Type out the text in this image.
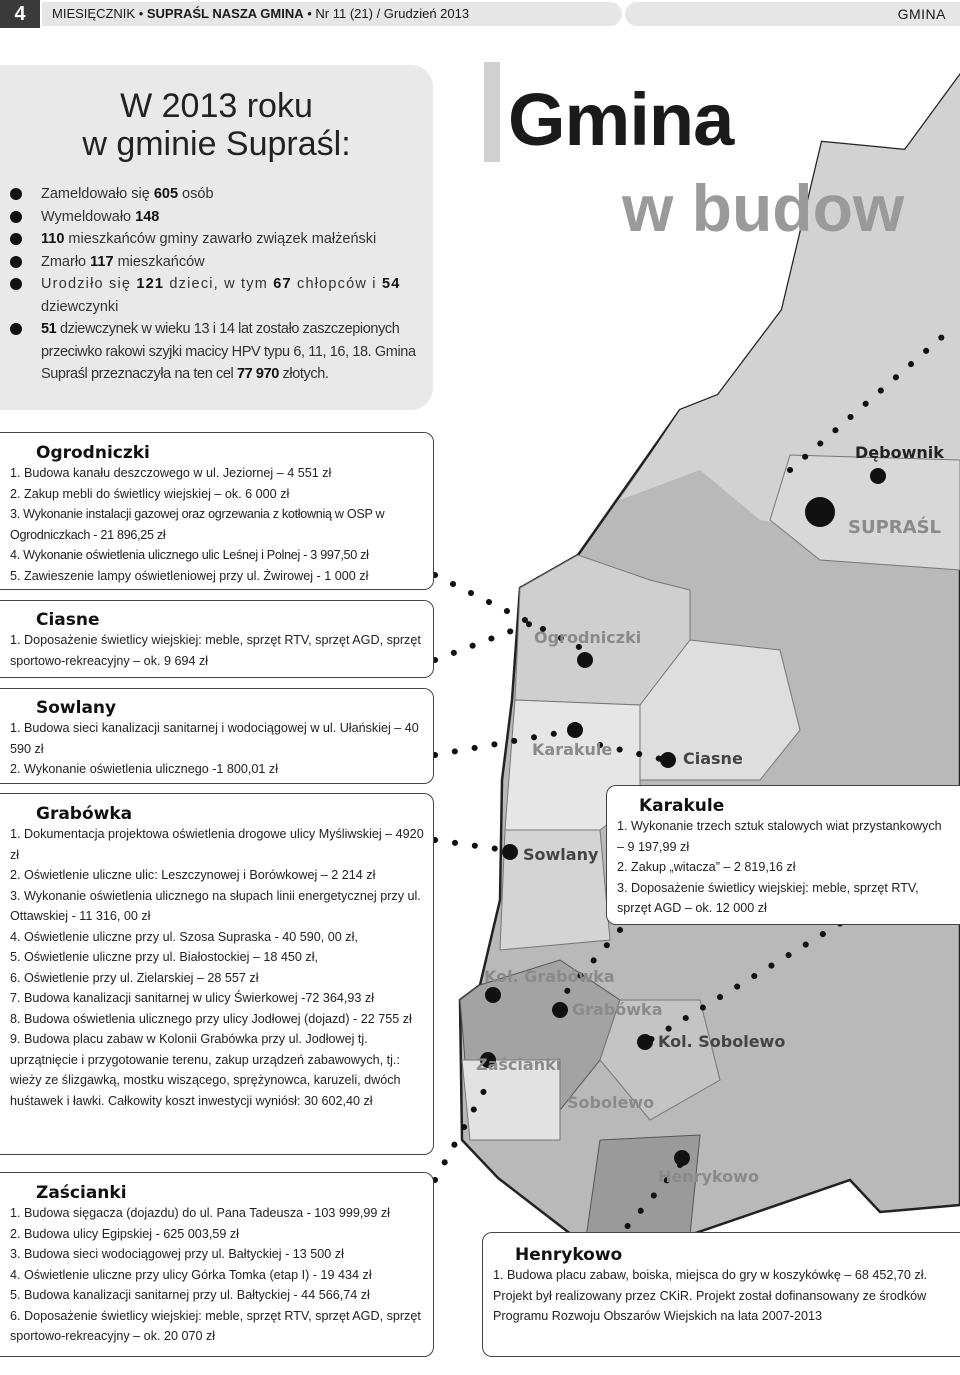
4	MIESIĘCZNIK • SUPRAŚL NASZA GMINA • Nr 11 (21) / Grudzień 2013	GMINA
W 2013 roku
w gminie Supraśl:
Zameldowało się 605 osób
Wymeldowało 148
110 mieszkańców gminy zawarło związek małżeński
Zmarło 117 mieszkańców
Urodziło się 121 dzieci, w tym 67 chłopców i 54 dziewczynki
51 dziewczynek w wieku 13 i 14 lat zostało zaszczepionych przeciwko rakowi szyjki macicy HPV typu 6, 11, 16, 18. Gmina Supraśl przeznaczyła na ten cel 77 970 złotych.
Gmina
w budow
Dębownik
SUPRAŚL
Ogrodniczki
Karakule	Ciasne
Sowlany
Kol. Grabówka
Grabówka
Kol. Sobolewo
Zaścianki
Sobolewo
Henrykowo
Ogrodniczki
1. Budowa kanału deszczowego w ul. Jeziornej – 4 551 zł
2. Zakup mebli do świetlicy wiejskiej – ok. 6 000 zł
3. Wykonanie instalacji gazowej oraz ogrzewania z kotłownią w OSP w Ogrodniczkach - 21 896,25 zł
4. Wykonanie oświetlenia ulicznego ulic Leśnej i Polnej - 3 997,50 zł
5. Zawieszenie lampy oświetleniowej przy ul. Żwirowej - 1 000 zł
Ciasne
1. Doposażenie świetlicy wiejskiej: meble, sprzęt RTV, sprzęt AGD, sprzęt sportowo-rekreacyjny – ok. 9 694 zł
Sowlany
1. Budowa sieci kanalizacji sanitarnej i wodociągowej w ul. Ułańskiej – 40 590 zł
2. Wykonanie oświetlenia ulicznego -1 800,01 zł
Grabówka
1. Dokumentacja projektowa oświetlenia drogowe ulicy Myśliwskiej – 4920 zł
2. Oświetlenie uliczne ulic: Leszczynowej i Borówkowej – 2 214 zł
3. Wykonanie oświetlenia ulicznego na słupach linii energetycznej przy ul. Ottawskiej - 11 316, 00 zł
4. Oświetlenie uliczne przy ul. Szosa Supraska - 40 590, 00 zł,
5. Oświetlenie uliczne przy ul. Białostockiej – 18 450 zł,
6. Oświetlenie przy ul. Zielarskiej – 28 557 zł
7. Budowa kanalizacji sanitarnej w ulicy Świerkowej -72 364,93 zł
8. Budowa oświetlenia ulicznego przy ulicy Jodłowej (dojazd) - 22 755 zł
9. Budowa placu zabaw w Kolonii Grabówka przy ul. Jodłowej tj. uprzątnięcie i przygotowanie terenu, zakup urządzeń zabawowych, tj.: wieży ze ślizgawką, mostku wiszącego, sprężynowca, karuzeli, dwóch huśtawek i ławki. Całkowity koszt inwestycji wyniósł: 30 602,40 zł
Zaścianki
1. Budowa sięgacza (dojazdu) do ul. Pana Tadeusza - 103 999,99 zł
2. Budowa ulicy Egipskiej - 625 003,59 zł
3. Budowa sieci wodociągowej przy ul. Bałtyckiej - 13 500 zł
4. Oświetlenie uliczne przy ulicy Górka Tomka (etap I) - 19 434 zł
5. Budowa kanalizacji sanitarnej przy ul. Bałtyckiej - 44 566,74 zł
6. Doposażenie świetlicy wiejskiej: meble, sprzęt RTV, sprzęt AGD, sprzęt sportowo-rekreacyjny – ok. 20 070 zł
Karakule
1. Wykonanie trzech sztuk stalowych wiat przystankowych – 9 197,99 zł
2. Zakup „witacza” – 2 819,16 zł
3. Doposażenie świetlicy wiejskiej: meble, sprzęt RTV, sprzęt AGD – ok. 12 000 zł
Henrykowo
1. Budowa placu zabaw, boiska, miejsca do gry w koszykówkę – 68 452,70 zł. Projekt był realizowany przez CKiR. Projekt został dofinansowany ze środków Programu Rozwoju Obszarów Wiejskich na lata 2007-2013
